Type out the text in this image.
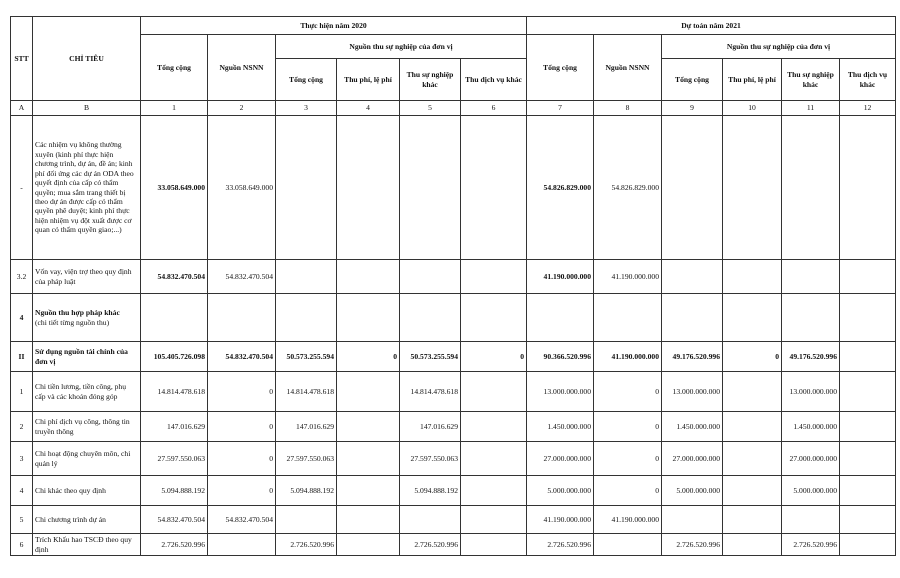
STT	CHỈ TIÊU	Thực hiện năm 2020						Dự toán năm 2021					
		Tổng cộng	Nguồn NSNN	Nguồn thu sự nghiệp của đơn vị				Tổng cộng	Nguồn NSNN	Nguồn thu sự nghiệp của đơn vị			
				Tổng cộng	Thu phí, lệ phí	Thu sự nghiệp khác	Thu dịch vụ khác			Tổng cộng	Thu phí, lệ phí	Thu sự nghiệp khác	Thu dịch vụ khác
A	B	1	2	3	4	5	6	7	8	9	10	11	12
-	Các nhiệm vụ không thường xuyên (kinh phí thực hiện chương trình, dự án, đề án; kinh phí đối ứng các dự án ODA theo quyết định của cấp có thẩm quyền; mua sắm trang thiết bị theo dự án được cấp có thẩm quyền phê duyệt; kinh phí thực hiện nhiệm vụ đột xuất được cơ quan có thẩm quyền giao;...)	33.058.649.000	33.058.649.000					54.826.829.000	54.826.829.000				
3.2	Vốn vay, viện trợ theo quy định của pháp luật	54.832.470.504	54.832.470.504					41.190.000.000	41.190.000.000				
4	Nguồn thu hợp pháp khác
(chi tiết từng nguồn thu)												
II	Sử dụng nguồn tài chính của đơn vị	105.405.726.098	54.832.470.504	50.573.255.594	0	50.573.255.594	0	90.366.520.996	41.190.000.000	49.176.520.996	0	49.176.520.996	
1	Chi tiền lương, tiền công, phụ cấp và các khoản đóng góp	14.814.478.618	0	14.814.478.618		14.814.478.618		13.000.000.000	0	13.000.000.000		13.000.000.000	
2	Chi phí dịch vụ công, thông tin truyền thông	147.016.629	0	147.016.629		147.016.629		1.450.000.000	0	1.450.000.000		1.450.000.000	
3	Chi hoạt động chuyên môn, chi quản lý	27.597.550.063	0	27.597.550.063		27.597.550.063		27.000.000.000	0	27.000.000.000		27.000.000.000	
4	Chi khác theo quy định	5.094.888.192	0	5.094.888.192		5.094.888.192		5.000.000.000	0	5.000.000.000		5.000.000.000	
5	Chi chương trình dự án	54.832.470.504	54.832.470.504					41.190.000.000	41.190.000.000				
6	Trích Khấu hao TSCĐ theo quy định	2.726.520.996		2.726.520.996		2.726.520.996		2.726.520.996		2.726.520.996		2.726.520.996	
